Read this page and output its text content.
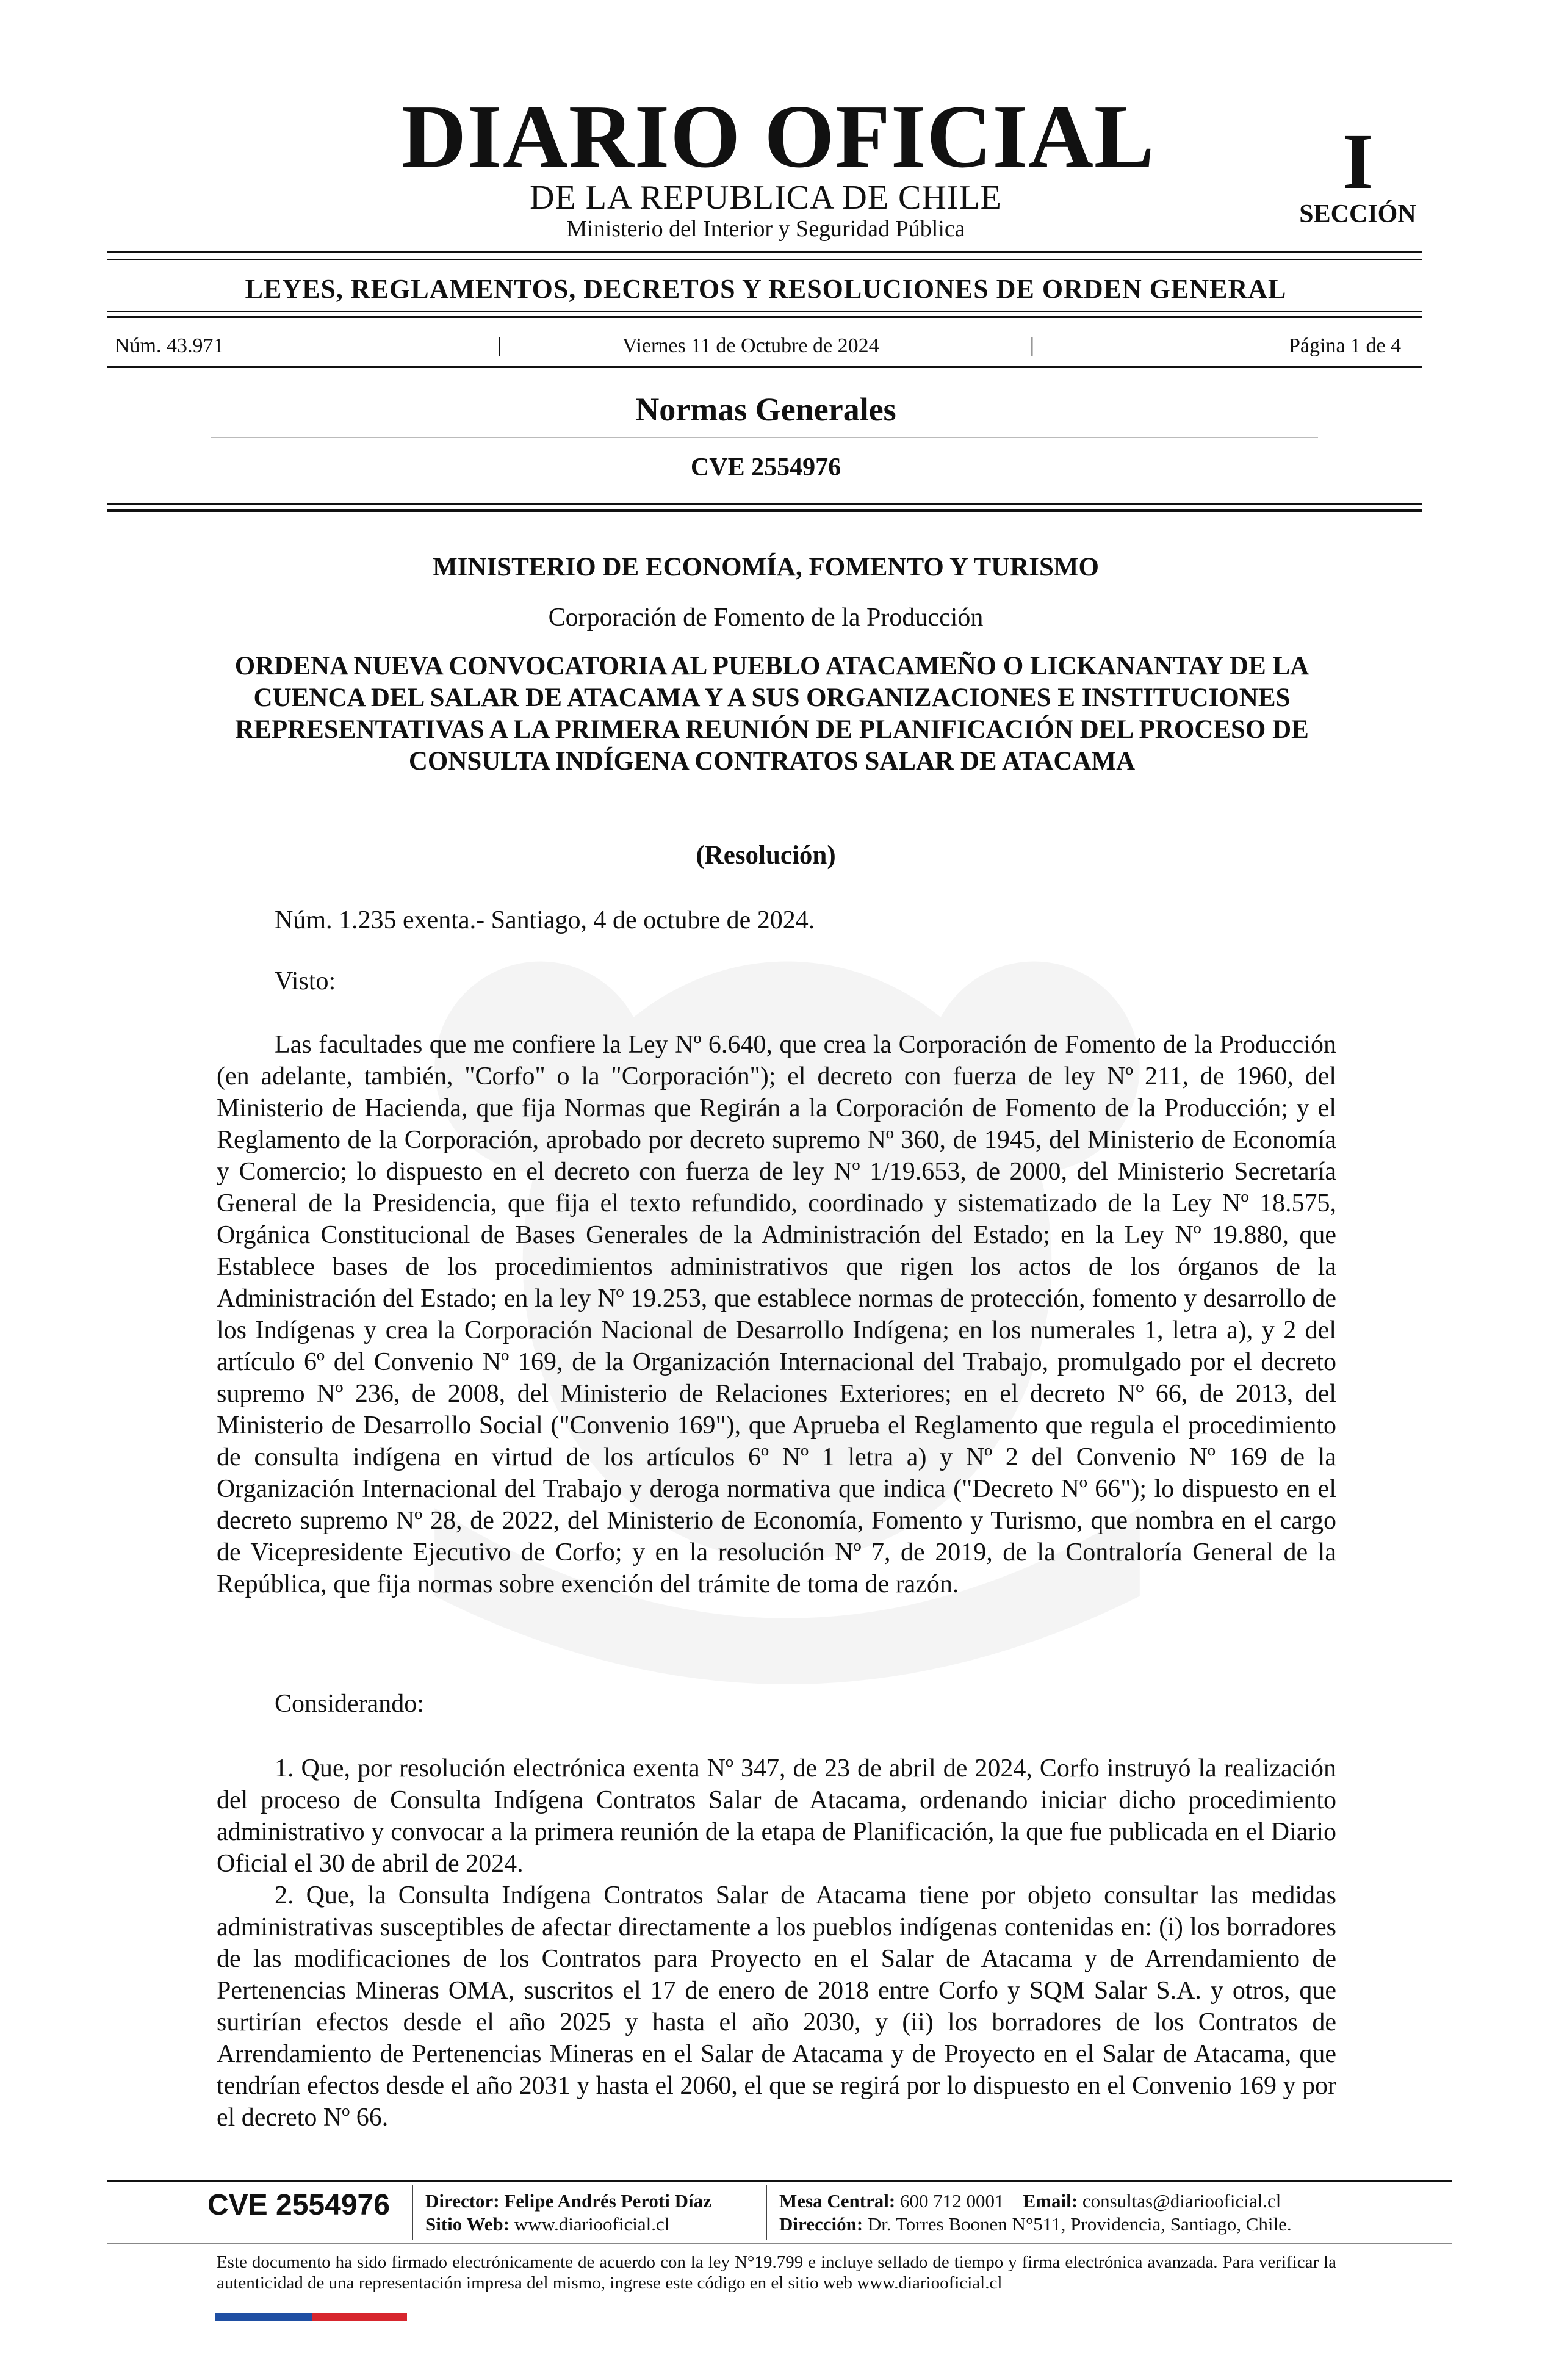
DIARIO OFICIAL
DE LA REPUBLICA DE CHILE
Ministerio del Interior y Seguridad Pública
I
SECCIÓN
LEYES, REGLAMENTOS, DECRETOS Y RESOLUCIONES DE ORDEN GENERAL
Núm. 43.971	|	Viernes 11 de Octubre de 2024	|	Página 1 de 4
Normas Generales
CVE 2554976
MINISTERIO DE ECONOMÍA, FOMENTO Y TURISMO
Corporación de Fomento de la Producción
ORDENA NUEVA CONVOCATORIA AL PUEBLO ATACAMEÑO O LICKANANTAY DE LA CUENCA DEL SALAR DE ATACAMA Y A SUS ORGANIZACIONES E INSTITUCIONES REPRESENTATIVAS A LA PRIMERA REUNIÓN DE PLANIFICACIÓN DEL PROCESO DE CONSULTA INDÍGENA CONTRATOS SALAR DE ATACAMA
(Resolución)
Núm. 1.235 exenta.- Santiago, 4 de octubre de 2024.
Visto:
Las facultades que me confiere la Ley Nº 6.640, que crea la Corporación de Fomento de la Producción (en adelante, también, "Corfo" o la "Corporación"); el decreto con fuerza de ley Nº 211, de 1960, del Ministerio de Hacienda, que fija Normas que Regirán a la Corporación de Fomento de la Producción; y el Reglamento de la Corporación, aprobado por decreto supremo Nº 360, de 1945, del Ministerio de Economía y Comercio; lo dispuesto en el decreto con fuerza de ley Nº 1/19.653, de 2000, del Ministerio Secretaría General de la Presidencia, que fija el texto refundido, coordinado y sistematizado de la Ley Nº 18.575, Orgánica Constitucional de Bases Generales de la Administración del Estado; en la Ley Nº 19.880, que Establece bases de los procedimientos administrativos que rigen los actos de los órganos de la Administración del Estado; en la ley Nº 19.253, que establece normas de protección, fomento y desarrollo de los Indígenas y crea la Corporación Nacional de Desarrollo Indígena; en los numerales 1, letra a), y 2 del artículo 6º del Convenio Nº 169, de la Organización Internacional del Trabajo, promulgado por el decreto supremo Nº 236, de 2008, del Ministerio de Relaciones Exteriores; en el decreto Nº 66, de 2013, del Ministerio de Desarrollo Social ("Convenio 169"), que Aprueba el Reglamento que regula el procedimiento de consulta indígena en virtud de los artículos 6º Nº 1 letra a) y Nº 2 del Convenio Nº 169 de la Organización Internacional del Trabajo y deroga normativa que indica ("Decreto Nº 66"); lo dispuesto en el decreto supremo Nº 28, de 2022, del Ministerio de Economía, Fomento y Turismo, que nombra en el cargo de Vicepresidente Ejecutivo de Corfo; y en la resolución Nº 7, de 2019, de la Contraloría General de la República, que fija normas sobre exención del trámite de toma de razón.
Considerando:
1. Que, por resolución electrónica exenta Nº 347, de 23 de abril de 2024, Corfo instruyó la realización del proceso de Consulta Indígena Contratos Salar de Atacama, ordenando iniciar dicho procedimiento administrativo y convocar a la primera reunión de la etapa de Planificación, la que fue publicada en el Diario Oficial el 30 de abril de 2024.
2. Que, la Consulta Indígena Contratos Salar de Atacama tiene por objeto consultar las medidas administrativas susceptibles de afectar directamente a los pueblos indígenas contenidas en: (i) los borradores de las modificaciones de los Contratos para Proyecto en el Salar de Atacama y de Arrendamiento de Pertenencias Mineras OMA, suscritos el 17 de enero de 2018 entre Corfo y SQM Salar S.A. y otros, que surtirían efectos desde el año 2025 y hasta el año 2030, y (ii) los borradores de los Contratos de Arrendamiento de Pertenencias Mineras en el Salar de Atacama y de Proyecto en el Salar de Atacama, que tendrían efectos desde el año 2031 y hasta el 2060, el que se regirá por lo dispuesto en el Convenio 169 y por el decreto Nº 66.
CVE 2554976 Director: Felipe Andrés Peroti Díaz
Sitio Web: www.diariooficial.cl
Mesa Central: 600 712 0001 Email: consultas@diariooficial.cl
Dirección: Dr. Torres Boonen N°511, Providencia, Santiago, Chile.
Este documento ha sido firmado electrónicamente de acuerdo con la ley N°19.799 e incluye sellado de tiempo y firma electrónica avanzada. Para verificar la autenticidad de una representación impresa del mismo, ingrese este código en el sitio web www.diariooficial.cl
